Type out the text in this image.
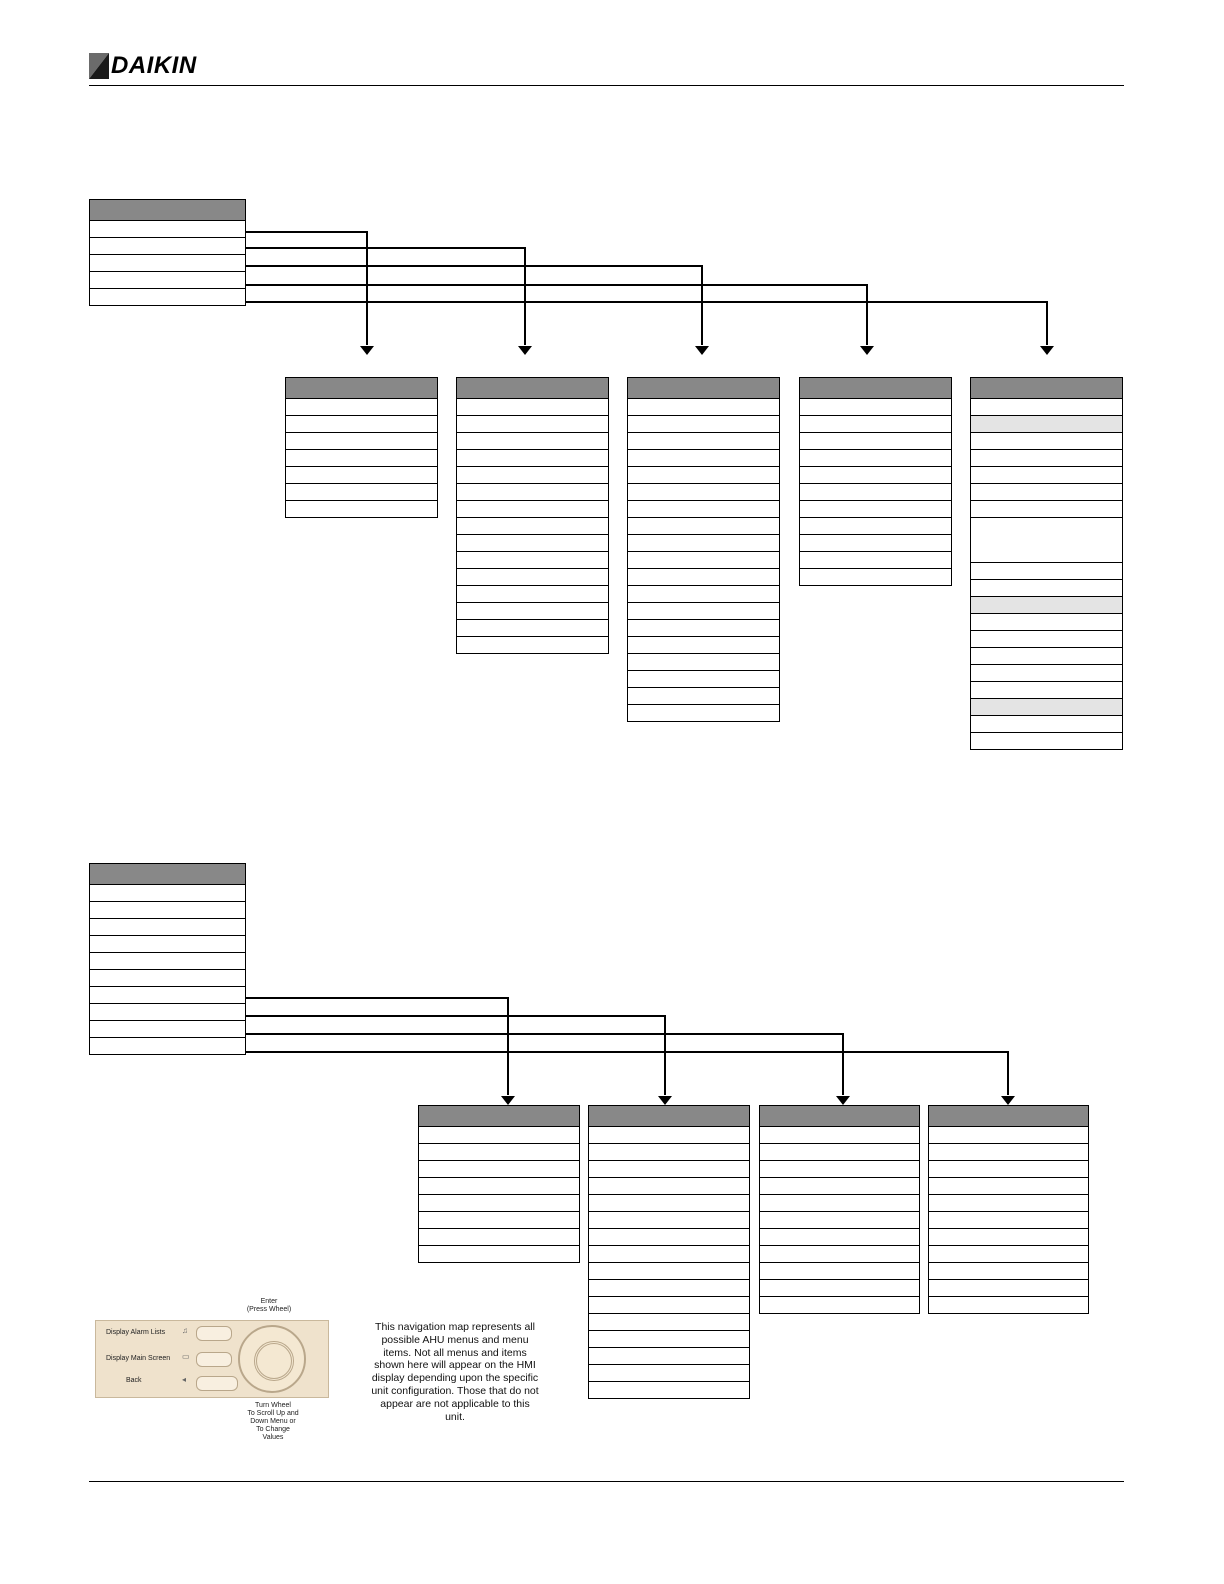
DAIKIN
Enter
(Press Wheel)
Display Alarm Lists
Display Main Screen
Back
♫
▭
◂
Turn Wheel
To Scroll Up and
Down Menu or
To Change
Values
This navigation map represents all possible AHU menus and menu items. Not all menus and items shown here will appear on the HMI display depending upon the specific unit configuration. Those that do not appear are not applicable to this unit.
